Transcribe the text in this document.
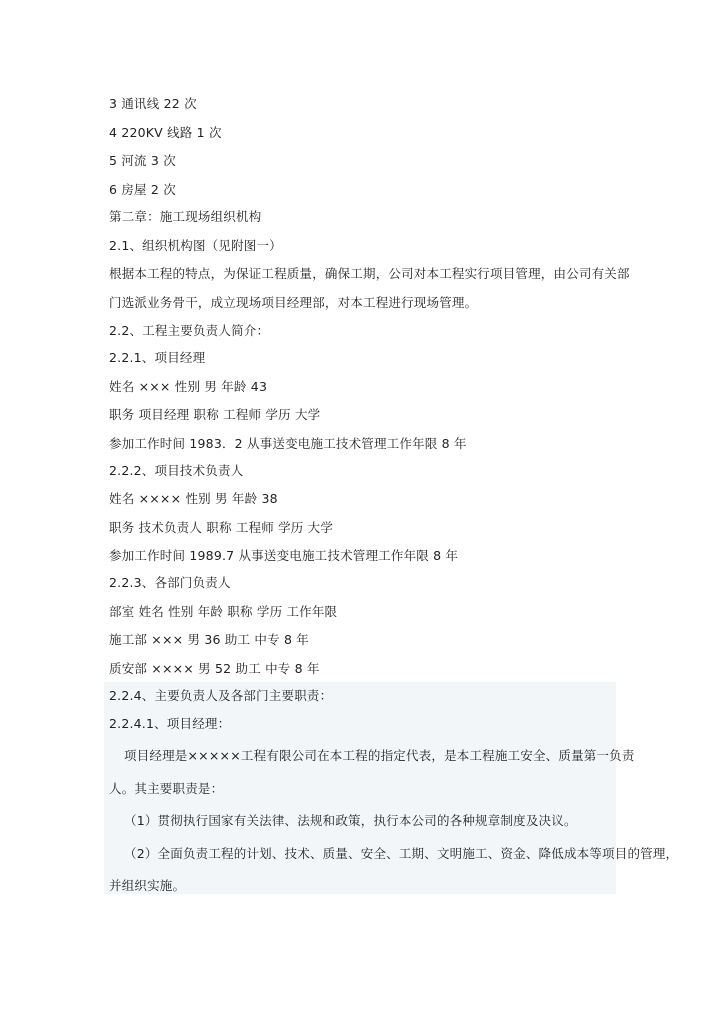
3 通讯线 22 次
4 220KV 线路 1 次
5 河流 3 次
6 房屋 2 次
第二章：施工现场组织机构
2.1、组织机构图（见附图一）
根据本工程的特点，为保证工程质量，确保工期，公司对本工程实行项目管理，由公司有关部
门选派业务骨干，成立现场项目经理部，对本工程进行现场管理。
2.2、工程主要负责人简介：
2.2.1、项目经理
姓名 ××× 性别 男 年龄 43
职务 项目经理 职称 工程师 学历 大学
参加工作时间 1983．2 从事送变电施工技术管理工作年限 8 年
2.2.2、项目技术负责人
姓名 ×××× 性别 男 年龄 38
职务 技术负责人 职称 工程师 学历 大学
参加工作时间 1989.7 从事送变电施工技术管理工作年限 8 年
2.2.3、各部门负责人
部室 姓名 性别 年龄 职称 学历 工作年限
施工部 ××× 男 36 助工 中专 8 年
质安部 ×××× 男 52 助工 中专 8 年
2.2.4、主要负责人及各部门主要职责：
2.2.4.1、项目经理：
项目经理是×××××工程有限公司在本工程的指定代表，是本工程施工安全、质量第一负责
人。其主要职责是：
（1）贯彻执行国家有关法律、法规和政策，执行本公司的各种规章制度及决议。
（2）全面负责工程的计划、技术、质量、安全、工期、文明施工、资金、降低成本等项目的管理，
并组织实施。
